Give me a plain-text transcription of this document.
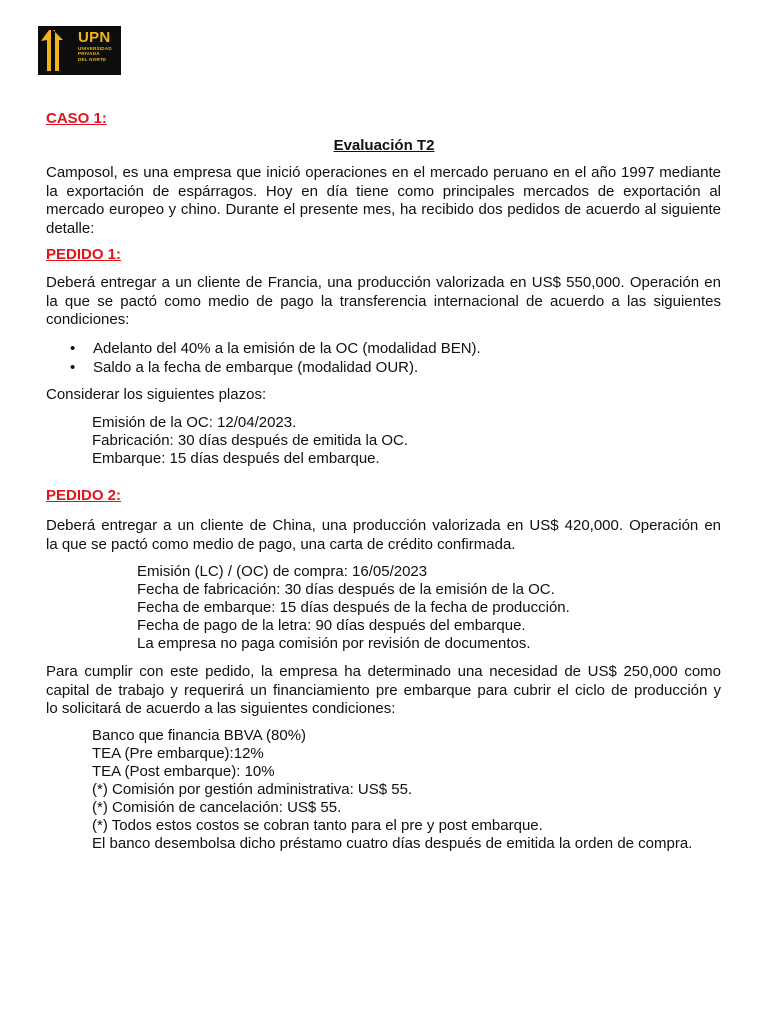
UPN
UNIVERSIDAD
PRIVADA
DEL NORTE

CASO 1:

Evaluación T2

Camposol, es una empresa que inició operaciones en el mercado peruano en el año 1997 mediante
la exportación de espárragos. Hoy en día tiene como principales mercados de exportación al
mercado europeo y chino. Durante el presente mes, ha recibido dos pedidos de acuerdo al siguiente
detalle:

PEDIDO 1:

Deberá entregar a un cliente de Francia, una producción valorizada en US$ 550,000. Operación en
la que se pactó como medio de pago la transferencia internacional de acuerdo a las siguientes
condiciones:
• Adelanto del 40% a la emisión de la OC (modalidad BEN).
• Saldo a la fecha de embarque (modalidad OUR).

Considerar los siguientes plazos:

Emisión de la OC: 12/04/2023.
Fabricación: 30 días después de emitida la OC.
Embarque: 15 días después del embarque.

PEDIDO 2:

Deberá entregar a un cliente de China, una producción valorizada en US$ 420,000. Operación en
la que se pactó como medio de pago, una carta de crédito confirmada.
Emisión (LC) / (OC) de compra: 16/05/2023
Fecha de fabricación: 30 días después de la emisión de la OC.
Fecha de embarque: 15 días después de la fecha de producción.
Fecha de pago de la letra: 90 días después del embarque.
La empresa no paga comisión por revisión de documentos.
Para cumplir con este pedido, la empresa ha determinado una necesidad de US$ 250,000 como
capital de trabajo y requerirá un financiamiento pre embarque para cubrir el ciclo de producción y
lo solicitará de acuerdo a las siguientes condiciones:
Banco que financia BBVA (80%)
TEA (Pre embarque):12%
TEA (Post embarque): 10%
(*) Comisión por gestión administrativa: US$ 55.
(*) Comisión de cancelación: US$ 55.
(*) Todos estos costos se cobran tanto para el pre y post embarque.
El banco desembolsa dicho préstamo cuatro días después de emitida la orden de compra.
